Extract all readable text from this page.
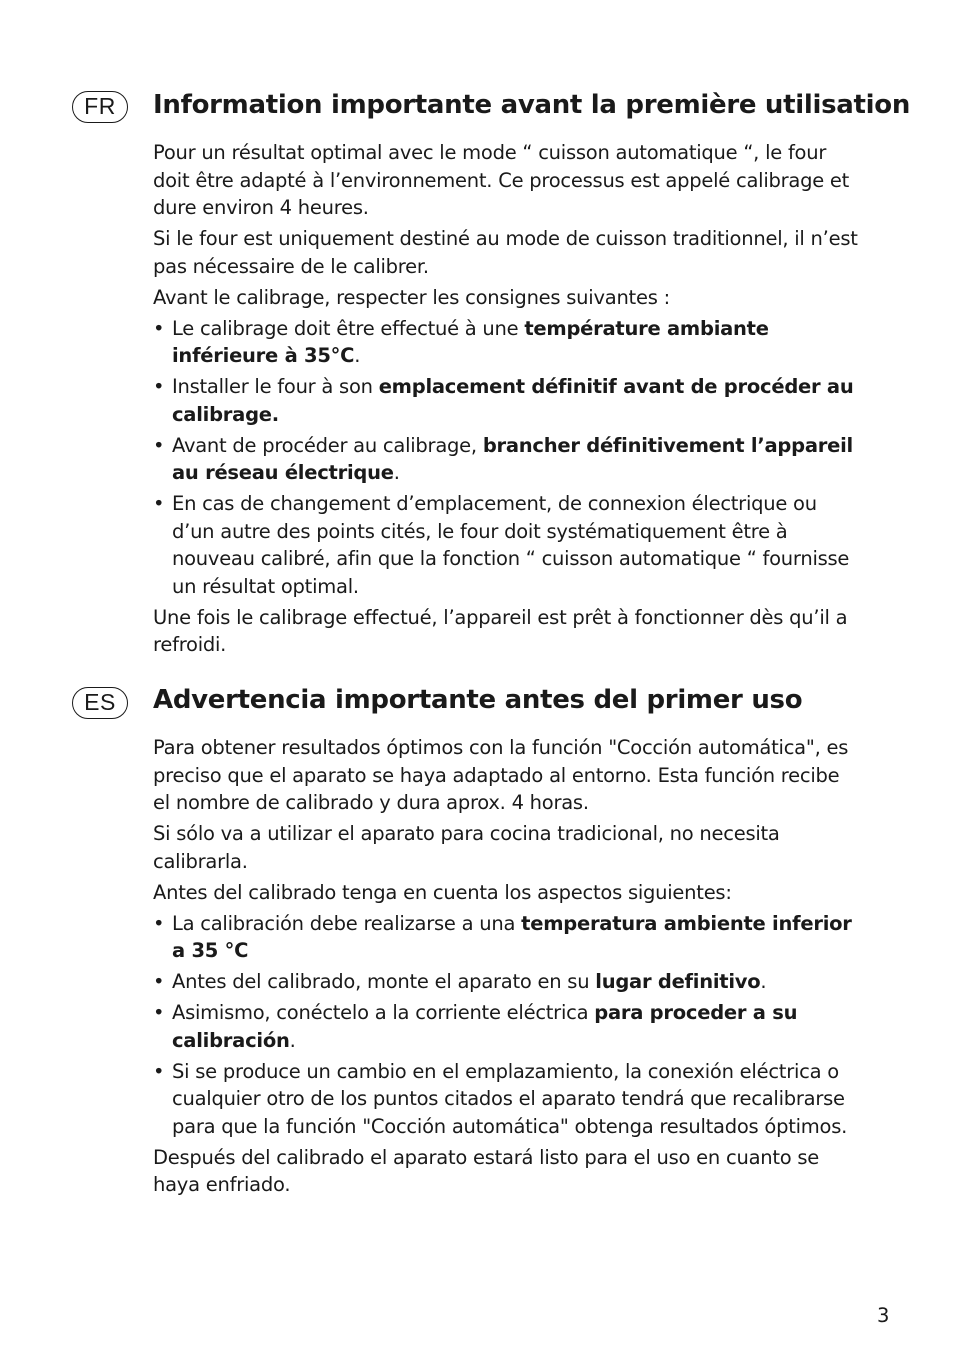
FR	Information importante avant la première utilisation

Pour un résultat optimal avec le mode “ cuisson automatique “, le four doit être adapté à l’environnement. Ce processus est appelé calibrage et dure environ 4 heures.

Si le four est uniquement destiné au mode de cuisson traditionnel, il n’est pas nécessaire de le calibrer.

Avant le calibrage, respecter les consignes suivantes :

• Le calibrage doit être effectué à une température ambiante inférieure à 35°C.
• Installer le four à son emplacement définitif avant de procéder au calibrage.
• Avant de procéder au calibrage, brancher définitivement l’appareil au réseau électrique.
• En cas de changement d’emplacement, de connexion électrique ou d’un autre des points cités, le four doit systématiquement être à nouveau calibré, afin que la fonction “ cuisson automatique “ fournisse un résultat optimal.

Une fois le calibrage effectué, l’appareil est prêt à fonctionner dès qu’il a refroidi.

ES	Advertencia importante antes del primer uso

Para obtener resultados óptimos con la función "Cocción automática", es preciso que el aparato se haya adaptado al entorno. Esta función recibe el nombre de calibrado y dura aprox. 4 horas.

Si sólo va a utilizar el aparato para cocina tradicional, no necesita calibrarla.

Antes del calibrado tenga en cuenta los aspectos siguientes:

• La calibración debe realizarse a una temperatura ambiente inferior a 35 °C
• Antes del calibrado, monte el aparato en su lugar definitivo.
• Asimismo, conéctelo a la corriente eléctrica para proceder a su calibración.
• Si se produce un cambio en el emplazamiento, la conexión eléctrica o cualquier otro de los puntos citados el aparato tendrá que recalibrarse para que la función "Cocción automática" obtenga resultados óptimos.

Después del calibrado el aparato estará listo para el uso en cuanto se haya enfriado.

3
